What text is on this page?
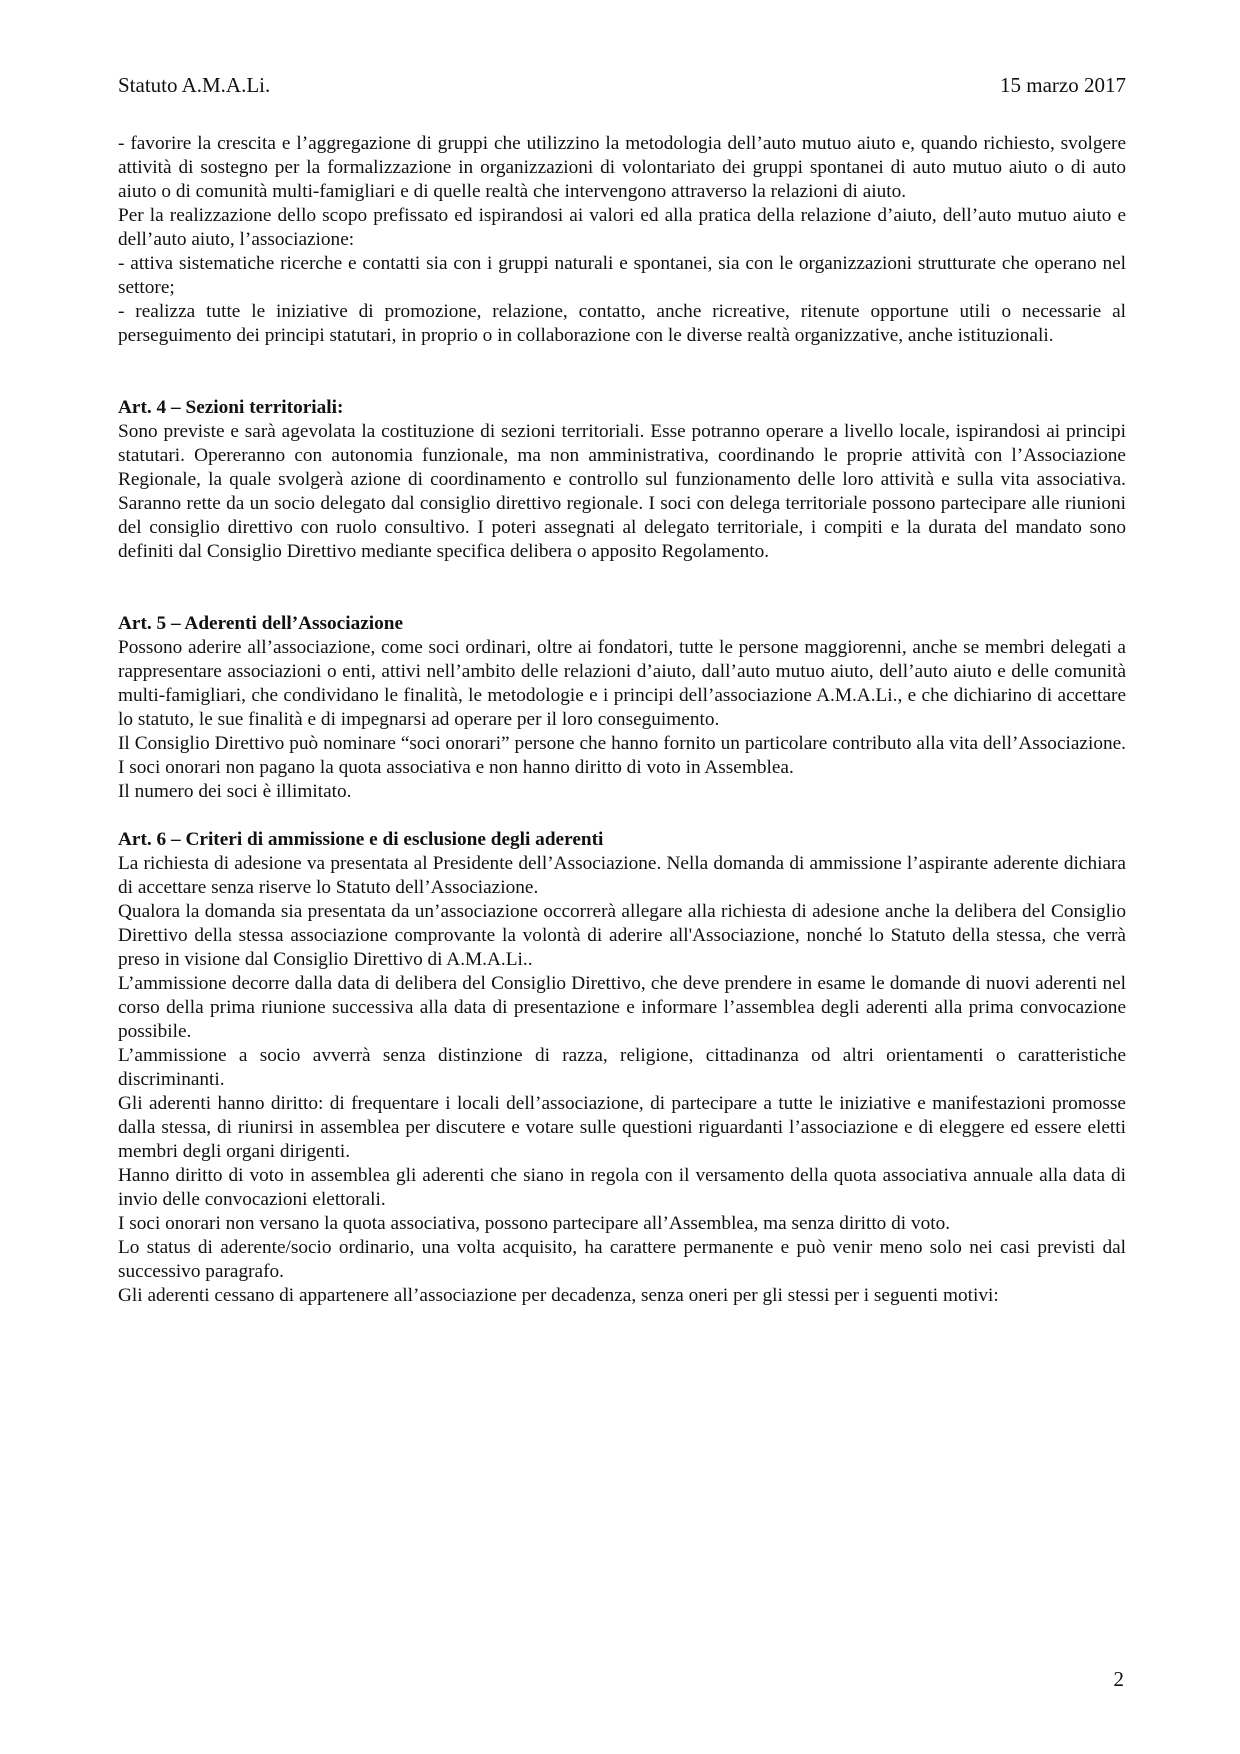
Statuto A.M.A.Li.	15 marzo 2017

- favorire la crescita e l’aggregazione di gruppi che utilizzino la metodologia dell’auto mutuo aiuto e, quando richiesto, svolgere attività di sostegno per la formalizzazione in organizzazioni di volontariato dei gruppi spontanei di auto mutuo aiuto o di auto aiuto o di comunità multi-famigliari e di quelle realtà che intervengono attraverso la relazioni di aiuto.

Per la realizzazione dello scopo prefissato ed ispirandosi ai valori ed alla pratica della relazione d’aiuto, dell’auto mutuo aiuto e dell’auto aiuto, l’associazione:

- attiva sistematiche ricerche e contatti sia con i gruppi naturali e spontanei, sia con le organizzazioni strutturate che operano nel settore;

- realizza tutte le iniziative di promozione, relazione, contatto, anche ricreative, ritenute opportune utili o necessarie al perseguimento dei principi statutari, in proprio o in collaborazione con le diverse realtà organizzative, anche istituzionali.

Art. 4 – Sezioni territoriali:

Sono previste e sarà agevolata la costituzione di sezioni territoriali. Esse potranno operare a livello locale, ispirandosi ai principi statutari. Opereranno con autonomia funzionale, ma non amministrativa, coordinando le proprie attività con l’Associazione Regionale, la quale svolgerà azione di coordinamento e controllo sul funzionamento delle loro attività e sulla vita associativa. Saranno rette da un socio delegato dal consiglio direttivo regionale. I soci con delega territoriale possono partecipare alle riunioni del consiglio direttivo con ruolo consultivo. I poteri assegnati al delegato territoriale, i compiti e la durata del mandato sono definiti dal Consiglio Direttivo mediante specifica delibera o apposito Regolamento.

Art. 5 – Aderenti dell’Associazione

Possono aderire all’associazione, come soci ordinari, oltre ai fondatori, tutte le persone maggiorenni, anche se membri delegati a rappresentare associazioni o enti, attivi nell’ambito delle relazioni d’aiuto, dall’auto mutuo aiuto, dell’auto aiuto e delle comunità multi-famigliari, che condividano le finalità, le metodologie e i principi dell’associazione A.M.A.Li., e che dichiarino di accettare lo statuto, le sue finalità e di impegnarsi ad operare per il loro conseguimento.

Il Consiglio Direttivo può nominare “soci onorari” persone che hanno fornito un particolare contributo alla vita dell’Associazione. I soci onorari non pagano la quota associativa e non hanno diritto di voto in Assemblea.

Il numero dei soci è illimitato.

Art. 6 – Criteri di ammissione e di esclusione degli aderenti

La richiesta di adesione va presentata al Presidente dell’Associazione. Nella domanda di ammissione l’aspirante aderente dichiara di accettare senza riserve lo Statuto dell’Associazione.

Qualora la domanda sia presentata da un’associazione occorrerà allegare alla richiesta di adesione anche la delibera del Consiglio Direttivo della stessa associazione comprovante la volontà di aderire all'Associazione, nonché lo Statuto della stessa, che verrà preso in visione dal Consiglio Direttivo di A.M.A.Li..

L’ammissione decorre dalla data di delibera del Consiglio Direttivo, che deve prendere in esame le domande di nuovi aderenti nel corso della prima riunione successiva alla data di presentazione e informare l’assemblea degli aderenti alla prima convocazione possibile.

L’ammissione a socio avverrà senza distinzione di razza, religione, cittadinanza od altri orientamenti o caratteristiche discriminanti.

Gli aderenti hanno diritto: di frequentare i locali dell’associazione, di partecipare a tutte le iniziative e manifestazioni promosse dalla stessa, di riunirsi in assemblea per discutere e votare sulle questioni riguardanti l’associazione e di eleggere ed essere eletti membri degli organi dirigenti.

Hanno diritto di voto in assemblea gli aderenti che siano in regola con il versamento della quota associativa annuale alla data di invio delle convocazioni elettorali.

I soci onorari non versano la quota associativa, possono partecipare all’Assemblea, ma senza diritto di voto.

Lo status di aderente/socio ordinario, una volta acquisito, ha carattere permanente e può venir meno solo nei casi previsti dal successivo paragrafo.

Gli aderenti cessano di appartenere all’associazione per decadenza, senza oneri per gli stessi per i seguenti motivi:

2
